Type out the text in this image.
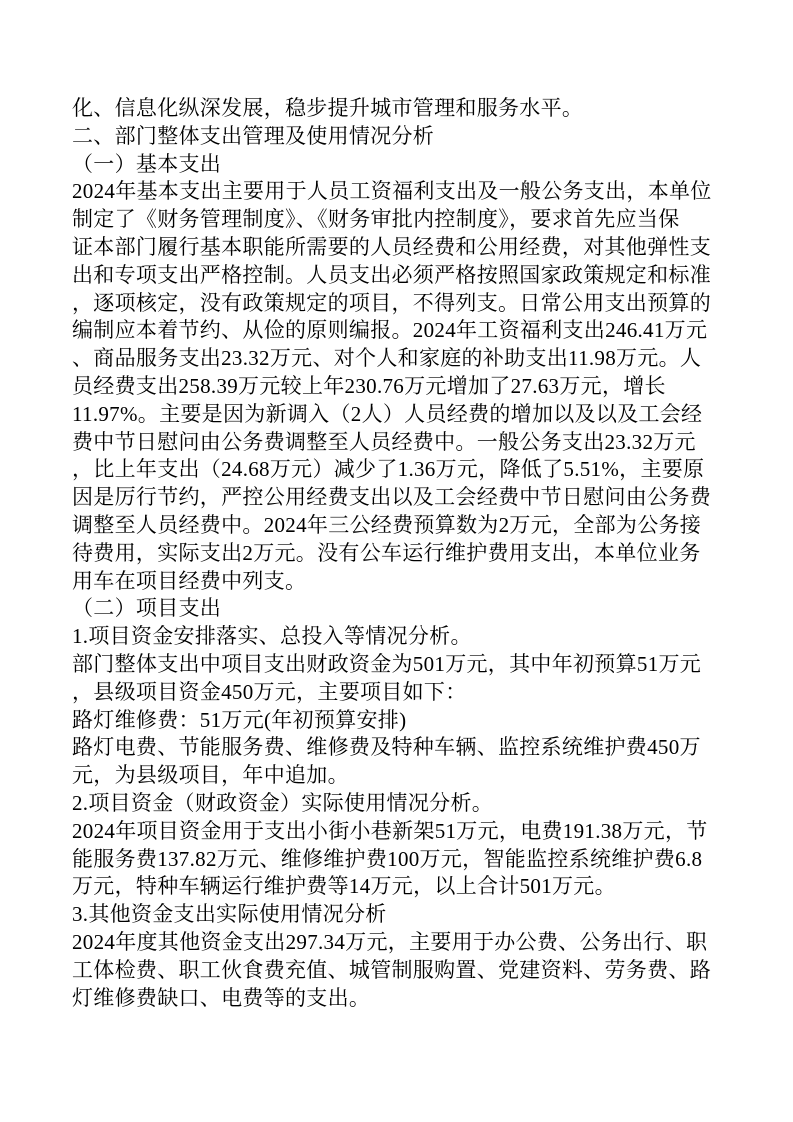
化、信息化纵深发展，稳步提升城市管理和服务水平。
二、部门整体支出管理及使用情况分析
（一）基本支出
2024年基本支出主要用于人员工资福利支出及一般公务支出，本单位
制定了《财务管理制度》、《财务审批内控制度》，要求首先应当保
证本部门履行基本职能所需要的人员经费和公用经费，对其他弹性支
出和专项支出严格控制。人员支出必须严格按照国家政策规定和标准
，逐项核定，没有政策规定的项目，不得列支。日常公用支出预算的
编制应本着节约、从俭的原则编报。2024年工资福利支出246.41万元
、商品服务支出23.32万元、对个人和家庭的补助支出11.98万元。人
员经费支出258.39万元较上年230.76万元增加了27.63万元，增长
11.97%。主要是因为新调入（2人）人员经费的增加以及以及工会经
费中节日慰问由公务费调整至人员经费中。一般公务支出23.32万元
，比上年支出（24.68万元）减少了1.36万元，降低了5.51%，主要原
因是厉行节约，严控公用经费支出以及工会经费中节日慰问由公务费
调整至人员经费中。2024年三公经费预算数为2万元，全部为公务接
待费用，实际支出2万元。没有公车运行维护费用支出，本单位业务
用车在项目经费中列支。
（二）项目支出
1.项目资金安排落实、总投入等情况分析。
部门整体支出中项目支出财政资金为501万元，其中年初预算51万元
，县级项目资金450万元，主要项目如下：
路灯维修费：51万元(年初预算安排)
路灯电费、节能服务费、维修费及特种车辆、监控系统维护费450万
元，为县级项目，年中追加。
2.项目资金（财政资金）实际使用情况分析。
2024年项目资金用于支出小街小巷新架51万元，电费191.38万元，节
能服务费137.82万元、维修维护费100万元，智能监控系统维护费6.8
万元，特种车辆运行维护费等14万元，以上合计501万元。
3.其他资金支出实际使用情况分析
2024年度其他资金支出297.34万元，主要用于办公费、公务出行、职
工体检费、职工伙食费充值、城管制服购置、党建资料、劳务费、路
灯维修费缺口、电费等的支出。
